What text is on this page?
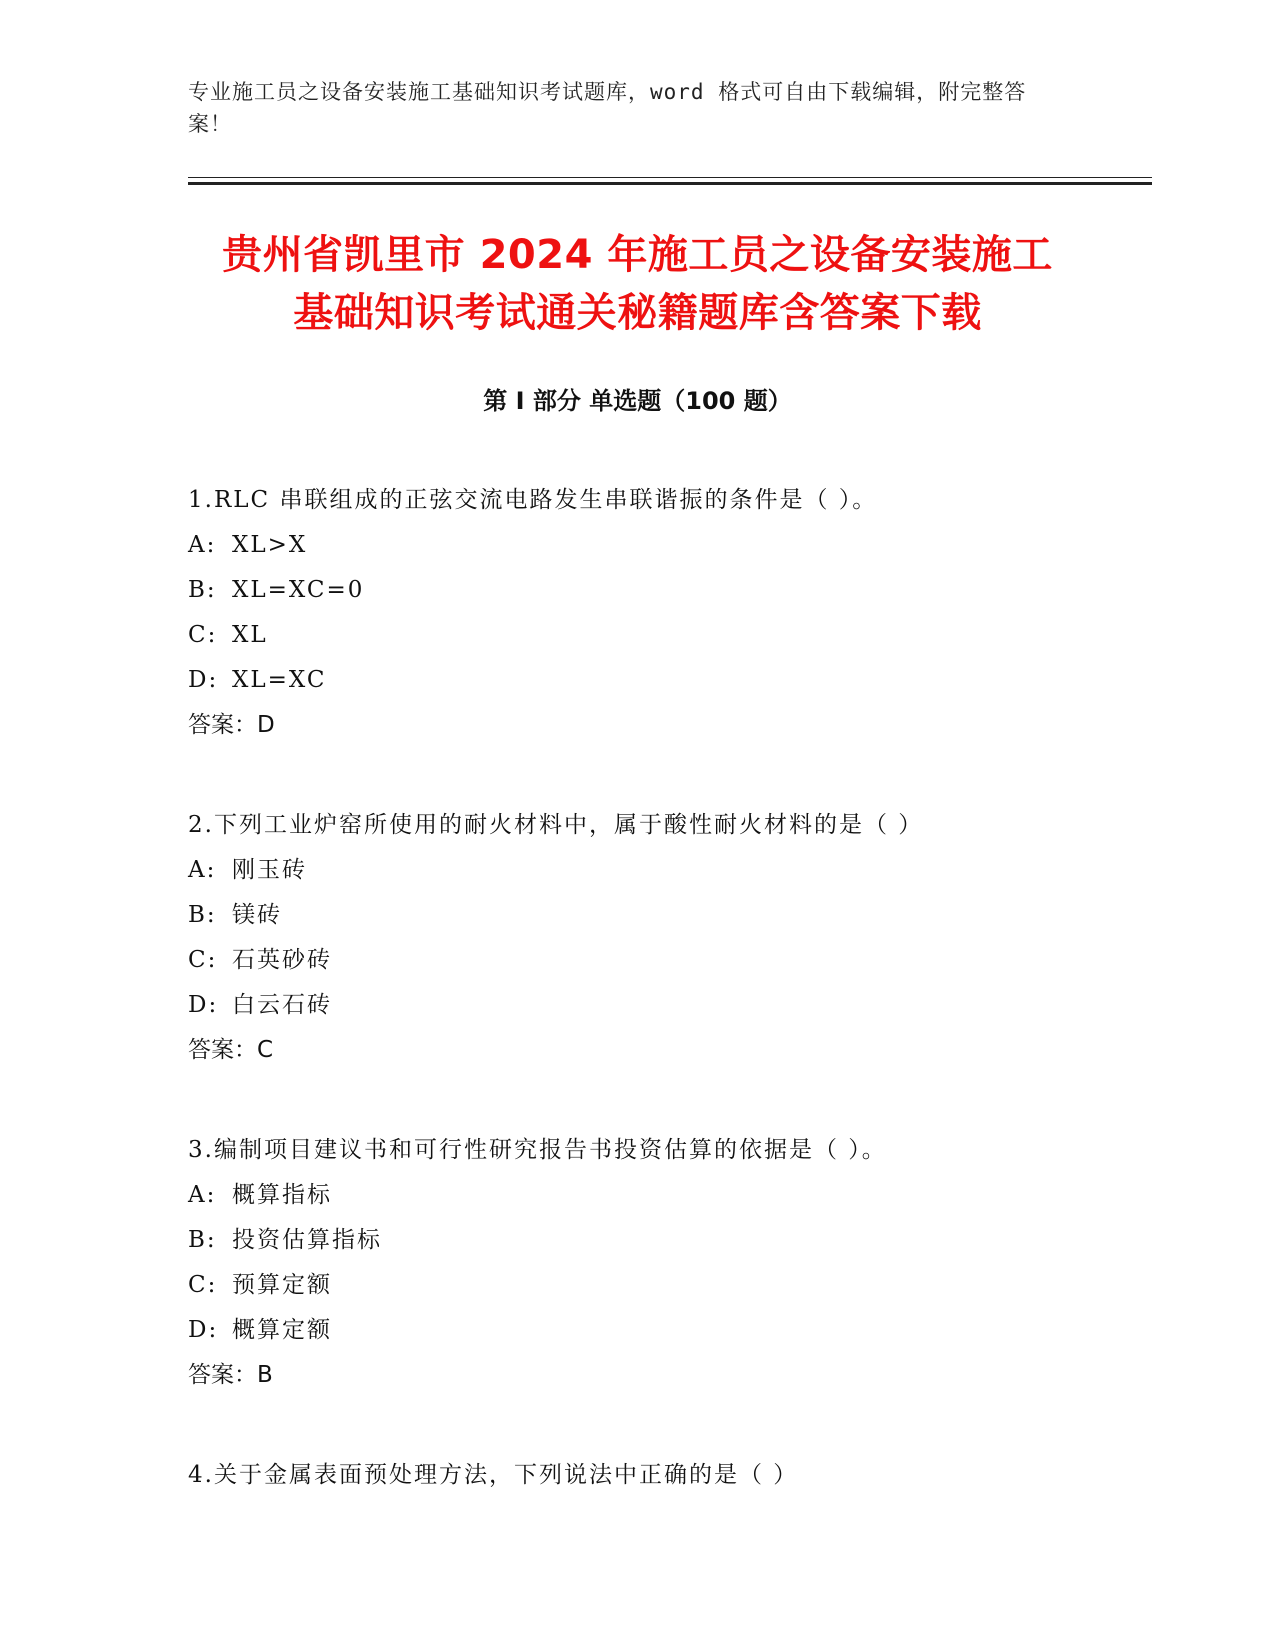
专业施工员之设备安装施工基础知识考试题库，word 格式可自由下载编辑，附完整答案！
贵州省凯里市 2024 年施工员之设备安装施工
基础知识考试通关秘籍题库含答案下载
第 I 部分 单选题（100 题）
1.RLC 串联组成的正弦交流电路发生串联谐振的条件是（ ）。
A: XL>X
B: XL=XC=0
C: XL
D: XL=XC
答案：D
2.下列工业炉窑所使用的耐火材料中，属于酸性耐火材料的是（ ）
A: 刚玉砖
B: 镁砖
C: 石英砂砖
D: 白云石砖
答案：C
3.编制项目建议书和可行性研究报告书投资估算的依据是（ ）。
A: 概算指标
B: 投资估算指标
C: 预算定额
D: 概算定额
答案：B
4.关于金属表面预处理方法，下列说法中正确的是（ ）
